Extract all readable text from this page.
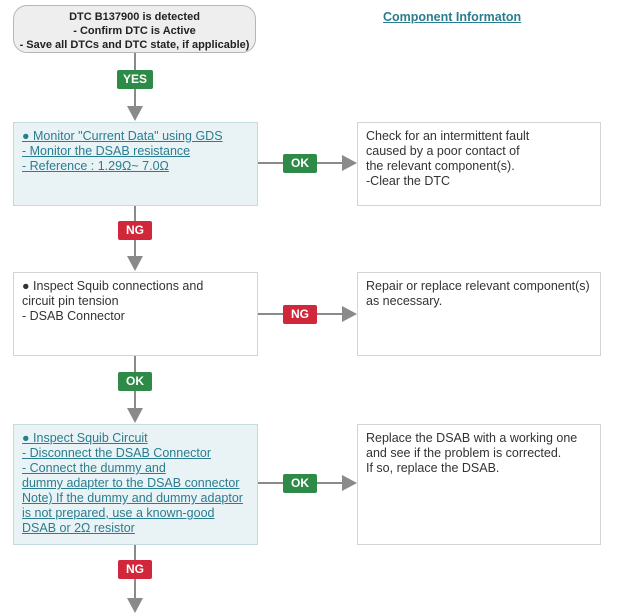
DTC B137900 is detected
- Confirm DTC is Active
- Save all DTCs and DTC state, if applicable)
Component Informaton
YES
● Monitor "Current Data" using GDS
- Monitor the DSAB resistance
- Reference : 1.29Ω~ 7.0Ω	OK
Check for an intermittent fault
caused by a poor contact of
the relevant component(s).
-Clear the DTC
NG
● Inspect Squib connections and
circuit pin tension
- DSAB Connector	NG
Repair or replace relevant component(s)
as necessary.
OK
● Inspect Squib Circuit
- Disconnect the DSAB Connector
- Connect the dummy and
dummy adapter to the DSAB connector
Note) If the dummy and dummy adaptor
is not prepared, use a known-good
DSAB or 2Ω resistor
OK
Replace the DSAB with a working one
and see if the problem is corrected.
If so, replace the DSAB.
NG
